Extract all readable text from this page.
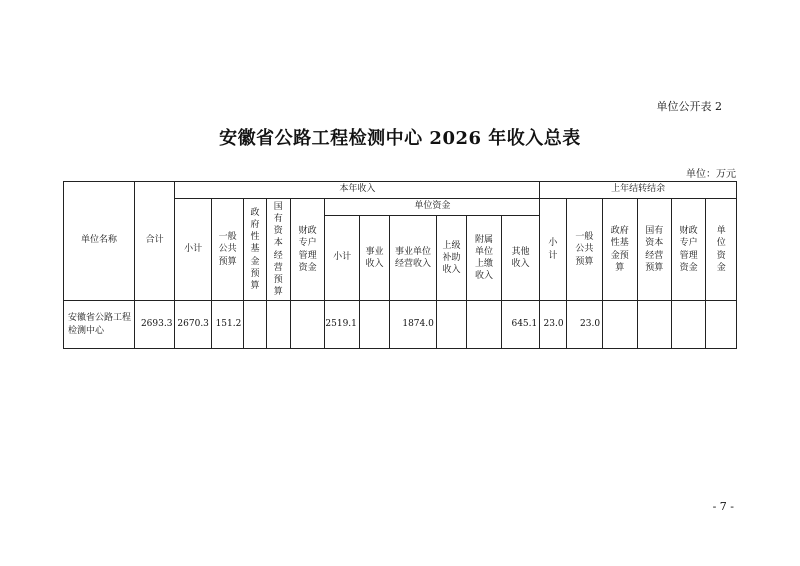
单位公开表 2
安徽省公路工程检测中心 2026 年收入总表
单位：万元
单位名称	合计	本年收入											上年结转结余					
		小计	一般公共预算	政府性基金预算	国有资本经营预算	财政专户管理资金	单位资金						小计	一般公共预算	政府性基金预算	国有资本经营预算	财政专户管理资金	单位资金

							小计	事业收入	事业单位经营收入	上级补助收入	附属单位上缴收入	其他收入						

安徽省公路工程检测中心	2693.3	2670.3	151.2				2519.1		1874.0			645.1	23.0	23.0				
- 7 -
